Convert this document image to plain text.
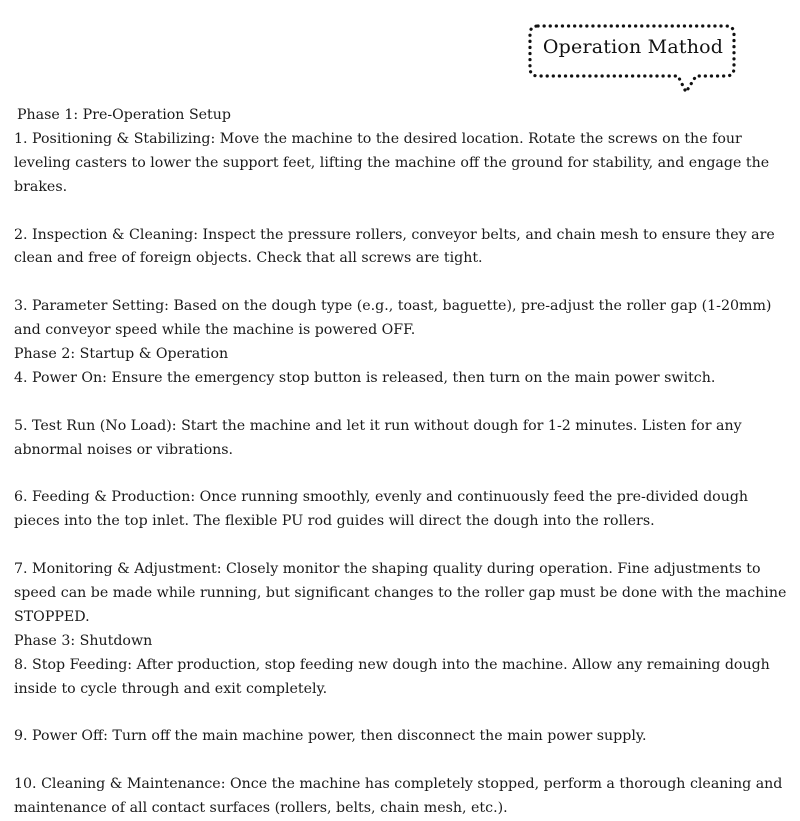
Operation Mathod
Phase 1: Pre-Operation Setup
1. Positioning & Stabilizing: Move the machine to the desired location. Rotate the screws on the four leveling casters to lower the support feet, lifting the machine off the ground for stability, and engage the brakes.
2. Inspection & Cleaning: Inspect the pressure rollers, conveyor belts, and chain mesh to ensure they are clean and free of foreign objects. Check that all screws are tight.
3. Parameter Setting: Based on the dough type (e.g., toast, baguette), pre-adjust the roller gap (1-20mm) and conveyor speed while the machine is powered OFF.
Phase 2: Startup & Operation
4. Power On: Ensure the emergency stop button is released, then turn on the main power switch.
5. Test Run (No Load): Start the machine and let it run without dough for 1-2 minutes. Listen for any abnormal noises or vibrations.
6. Feeding & Production: Once running smoothly, evenly and continuously feed the pre-divided dough pieces into the top inlet. The flexible PU rod guides will direct the dough into the rollers.
7. Monitoring & Adjustment: Closely monitor the shaping quality during operation. Fine adjustments to speed can be made while running, but significant changes to the roller gap must be done with the machine STOPPED.
Phase 3: Shutdown
8. Stop Feeding: After production, stop feeding new dough into the machine. Allow any remaining dough inside to cycle through and exit completely.
9. Power Off: Turn off the main machine power, then disconnect the main power supply.
10. Cleaning & Maintenance: Once the machine has completely stopped, perform a thorough cleaning and maintenance of all contact surfaces (rollers, belts, chain mesh, etc.).
